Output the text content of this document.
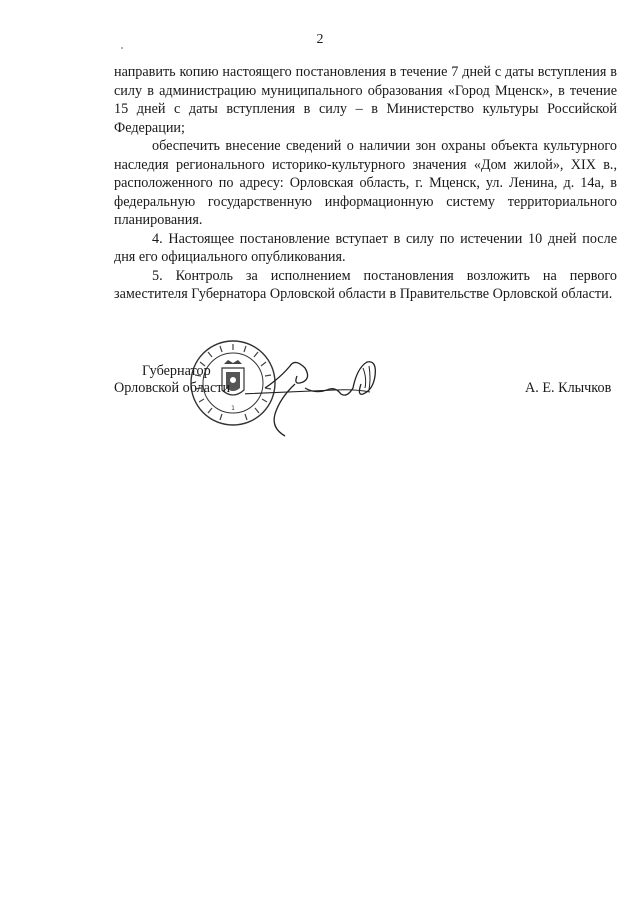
2

направить копию настоящего постановления в течение 7 дней с даты вступления в силу в администрацию муниципального образования «Город Мценск», в течение 15 дней с даты вступления в силу – в Министерство культуры Российской Федерации;

обеспечить внесение сведений о наличии зон охраны объекта культурного наследия регионального историко-культурного значения «Дом жилой», XIX в., расположенного по адресу: Орловская область, г. Мценск, ул. Ленина, д. 14а, в федеральную государственную информационную систему территориального планирования.

4. Настоящее постановление вступает в силу по истечении 10 дней после дня его официального опубликования.

5. Контроль за исполнением постановления возложить на первого заместителя Губернатора Орловской области в Правительстве Орловской области.

1
Губернатор
Орловской области	А. Е. Клычков
